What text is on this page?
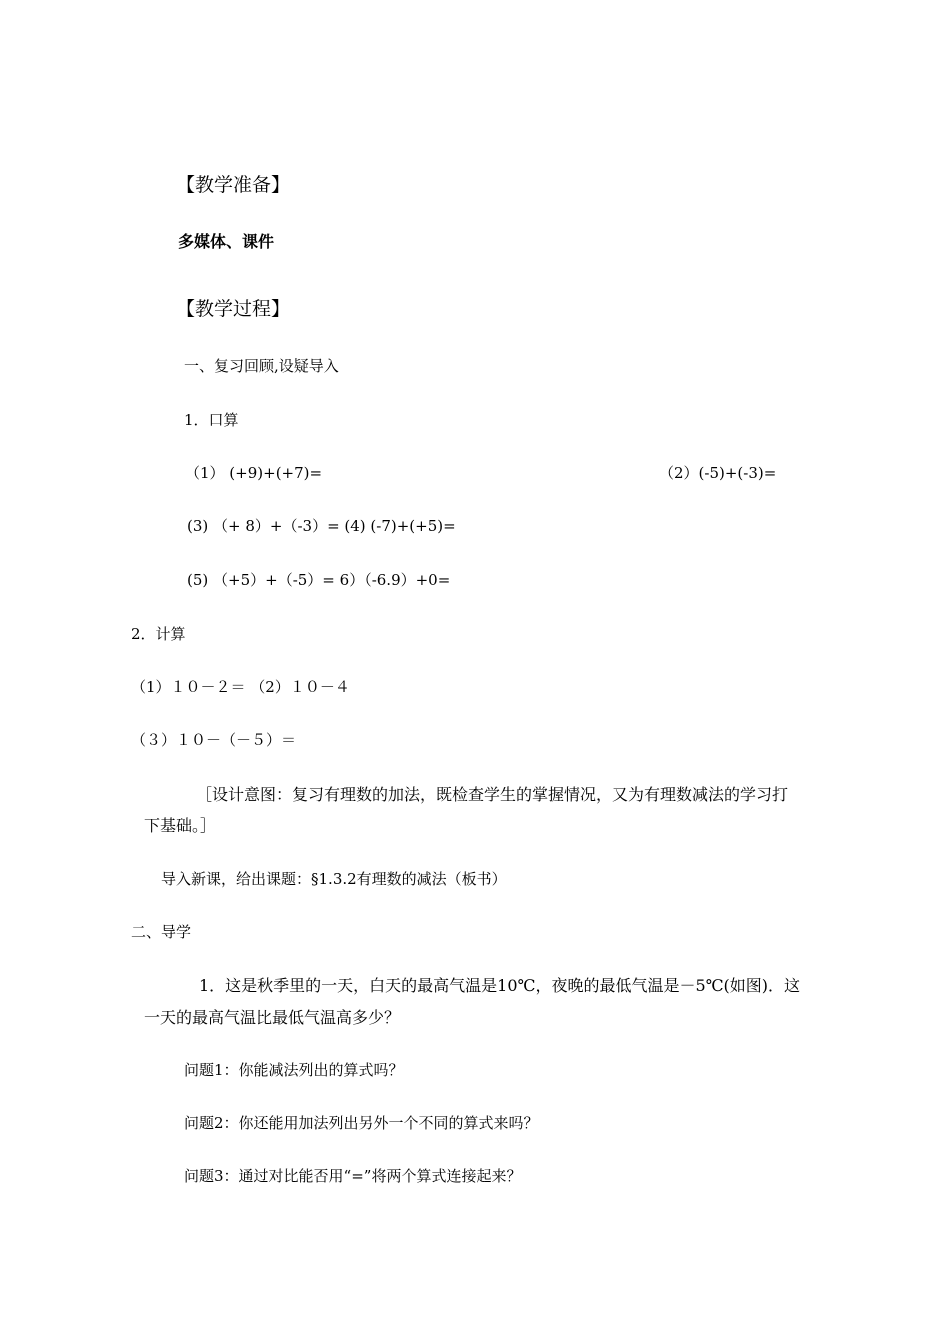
【教学准备】
多媒体、课件
【教学过程】
一、复习回顾,设疑导入
1．口算
（1） (+9)+(+7)=	（2）(-5)+(-3)=
(3) （+ 8）+（-3）= (4) (-7)+(+5)=
(5) （+5）+（-5）= 6）（-6.9）+0=
2．计算
（1）１０－２＝ （2）１０－４
（３）１０－（－５）＝
［设计意图：复习有理数的加法，既检查学生的掌握情况，又为有理数减法的学习打
下基础。］
导入新课，给出课题：§1.3.2有理数的减法（板书）
二、导学
1．这是秋季里的一天，白天的最高气温是10℃，夜晚的最低气温是－5℃(如图)．这
一天的最高气温比最低气温高多少？
问题1：你能减法列出的算式吗？
问题2：你还能用加法列出另外一个不同的算式来吗？
问题3：通过对比能否用“=”将两个算式连接起来？
